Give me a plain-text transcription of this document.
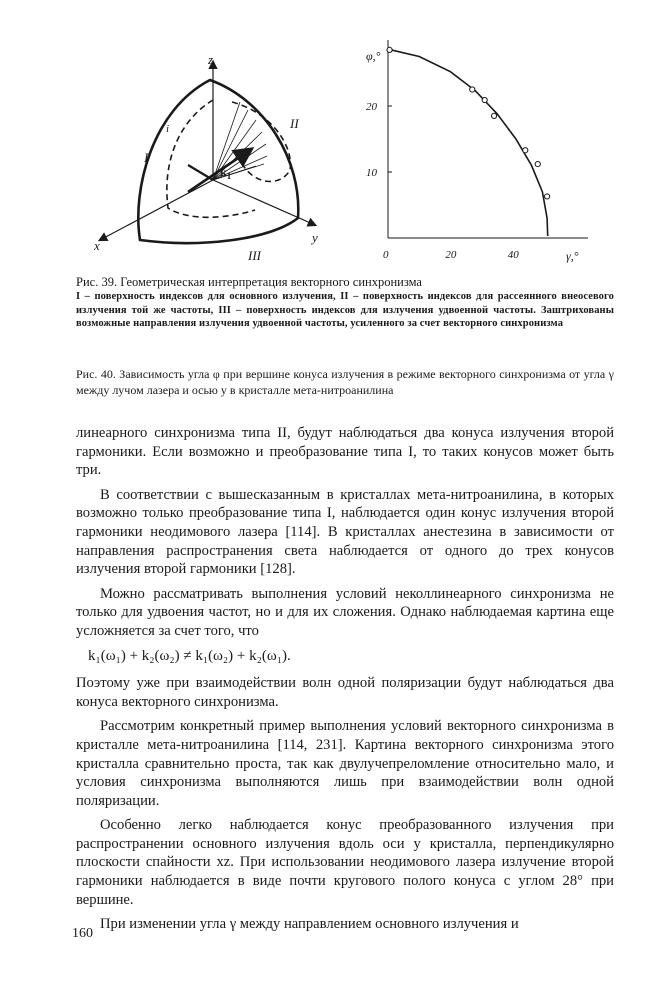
z
x
y
$k_1$
I
II
III
i
0	20	40
10
20
γ,°
φ,°
Рис. 39. Геометрическая интерпретация векторного синхронизма
I – поверхность индексов для основного излучения, II – поверхность индексов для рассеянного внеосевого излучения той же частоты, III – поверхность индексов для излучения удвоенной частоты. Заштрихованы возможные направления излучения удвоенной частоты, усиленного за счет векторного синхронизма
Рис. 40. Зависимость угла φ при вершине конуса излучения в режиме векторного синхронизма от угла γ между лучом лазера и осью y в кристалле мета-нитроанилина

линеарного синхронизма типа II, будут наблюдаться два конуса излучения второй гармоники. Если возможно и преобразование типа I, то таких конусов может быть три.

В соответствии с вышесказанным в кристаллах мета-нитроанилина, в которых возможно только преобразование типа I, наблюдается один конус излучения второй гармоники неодимового лазера [114]. В кристаллах анестезина в зависимости от направления распространения света наблюдается от одного до трех конусов излучения второй гармоники [128].

Можно рассматривать выполнения условий неколлинеарного синхронизма не только для удвоения частот, но и для их сложения. Однако наблюдаемая картина еще усложняется за счет того, что

k₁(ω₁) + k₂(ω₂) ≠ k₁(ω₂) + k₂(ω₁).

Поэтому уже при взаимодействии волн одной поляризации будут наблюдаться два конуса векторного синхронизма.

Рассмотрим конкретный пример выполнения условий векторного синхронизма в кристалле мета-нитроанилина [114, 231]. Картина векторного синхронизма этого кристалла сравнительно проста, так как двулучепреломление относительно мало, и условия синхронизма выполняются лишь при взаимодействии волн одной поляризации.

Особенно легко наблюдается конус преобразованного излучения при распространении основного излучения вдоль оси y кристалла, перпендикулярно плоскости спайности xz. При использовании неодимового лазера излучение второй гармоники наблюдается в виде почти кругового полого конуса с углом 28° при вершине.

При изменении угла γ между направлением основного излучения и

160
